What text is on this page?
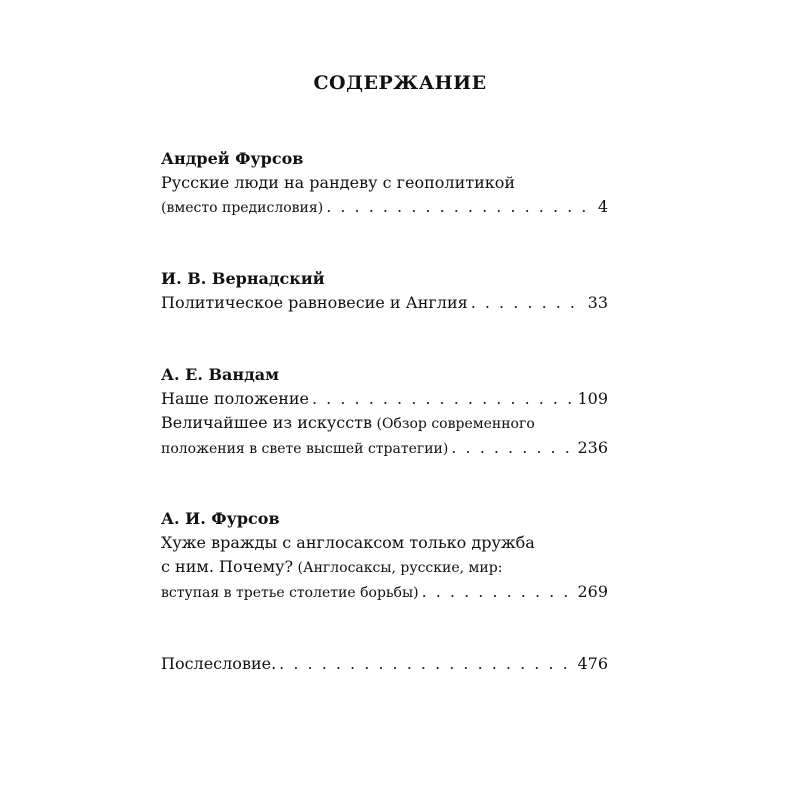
СОДЕРЖАНИЕ
Андрей Фурсов
Русские люди на рандеву с геополитикой
(вместо предисловия) . . .	4
И. В. Вернадский
Политическое равновесие и Англия . . .	33
А. Е. Вандам
Наше положение . . .	109
Величайшее из искусств (Обзор современного
положения в свете высшей стратегии) . . .	236
А. И. Фурсов
Хуже вражды с англосаксом только дружба
с ним. Почему? (Англосаксы, русские, мир:
вступая в третье столетие борьбы) . . .	269
Послесловие. . . .	476
